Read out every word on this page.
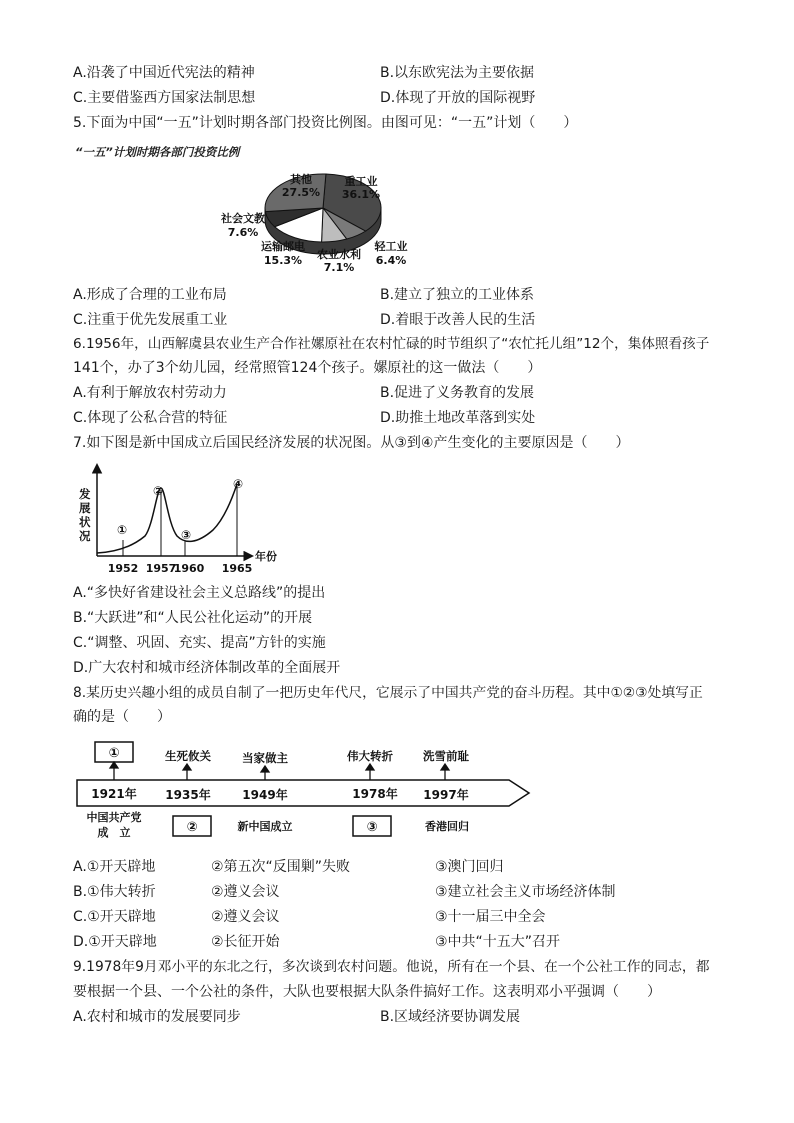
A.沿袭了中国近代宪法的精神	B.以东欧宪法为主要依据
C.主要借鉴西方国家法制思想	D.体现了开放的国际视野
5.下面为中国“一五”计划时期各部门投资比例图。由图可见：“一五”计划（　　）
“一五”计划时期各部门投资比例
其他
27.5%
重工业
36.1%
社会文教
7.6%
运输邮电
15.3% 农业水利
7.1%
轻工业
6.4%
A.形成了合理的工业布局	B.建立了独立的工业体系
C.注重于优先发展重工业	D.着眼于改善人民的生活
6.1956年，山西解虞县农业生产合作社嫘原社在农村忙碌的时节组织了“农忙托儿组”12个，集体照看孩子
141个，办了3个幼儿园，经常照管124个孩子。嫘原社的这一做法（　　）
A.有利于解放农村劳动力	B.促进了义务教育的发展
C.体现了公私合营的特征	D.助推土地改革落到实处
7.如下图是新中国成立后国民经济发展的状况图。从③到④产生变化的主要原因是（　　）
发
展
状
况
年份
①
②
③
④
1952 1957
1960 1965
A.“多快好省建设社会主义总路线”的提出
B.“大跃进”和“人民公社化运动”的开展
C.“调整、巩固、充实、提高”方针的实施
D.广大农村和城市经济体制改革的全面展开
8.某历史兴趣小组的成员自制了一把历史年代尺，它展示了中国共产党的奋斗历程。其中①②③处填写正
确的是（　　）
①	生死攸关	当家做主	伟大转折	洗雪前耻
1921年 1935年	1949年	1978年 1997年
中国共产党
成　立	②	新中国成立	③	香港回归
A.①开天辟地	②第五次“反围剿”失败	③澳门回归
B.①伟大转折	②遵义会议	③建立社会主义市场经济体制
C.①开天辟地	②遵义会议	③十一届三中全会
D.①开天辟地	②长征开始	③中共“十五大”召开
9.1978年9月邓小平的东北之行，多次谈到农村问题。他说，所有在一个县、在一个公社工作的同志，都
要根据一个县、一个公社的条件，大队也要根据大队条件搞好工作。这表明邓小平强调（　　）
A.农村和城市的发展要同步	B.区域经济要协调发展
